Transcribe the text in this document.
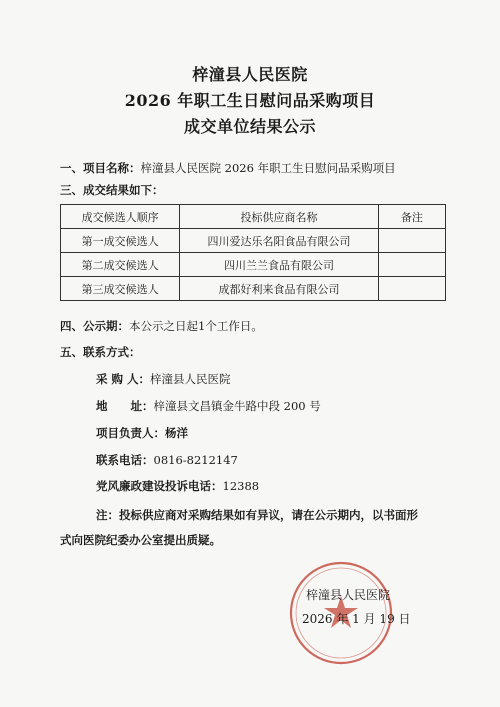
梓潼县人民医院
2026 年职工生日慰问品采购项目
成交单位结果公示
一、项目名称：梓潼县人民医院 2026 年职工生日慰问品采购项目
三、成交结果如下：
成交候选人顺序	投标供应商名称	备注
第一成交候选人	四川爱达乐名阳食品有限公司	
第二成交候选人	四川兰兰食品有限公司	
第三成交候选人	成都好利来食品有限公司	
四、公示期：本公示之日起1个工作日。
五、联系方式：
采 购 人：梓潼县人民医院
地　　址：梓潼县文昌镇金牛路中段 200 号
项目负责人：杨洋
联系电话：0816-8212147
党风廉政建设投诉电话：12388
注：投标供应商对采购结果如有异议，请在公示期内，以书面形
式向医院纪委办公室提出质疑。
梓潼县人民医院
2026 年 1 月 19 日
